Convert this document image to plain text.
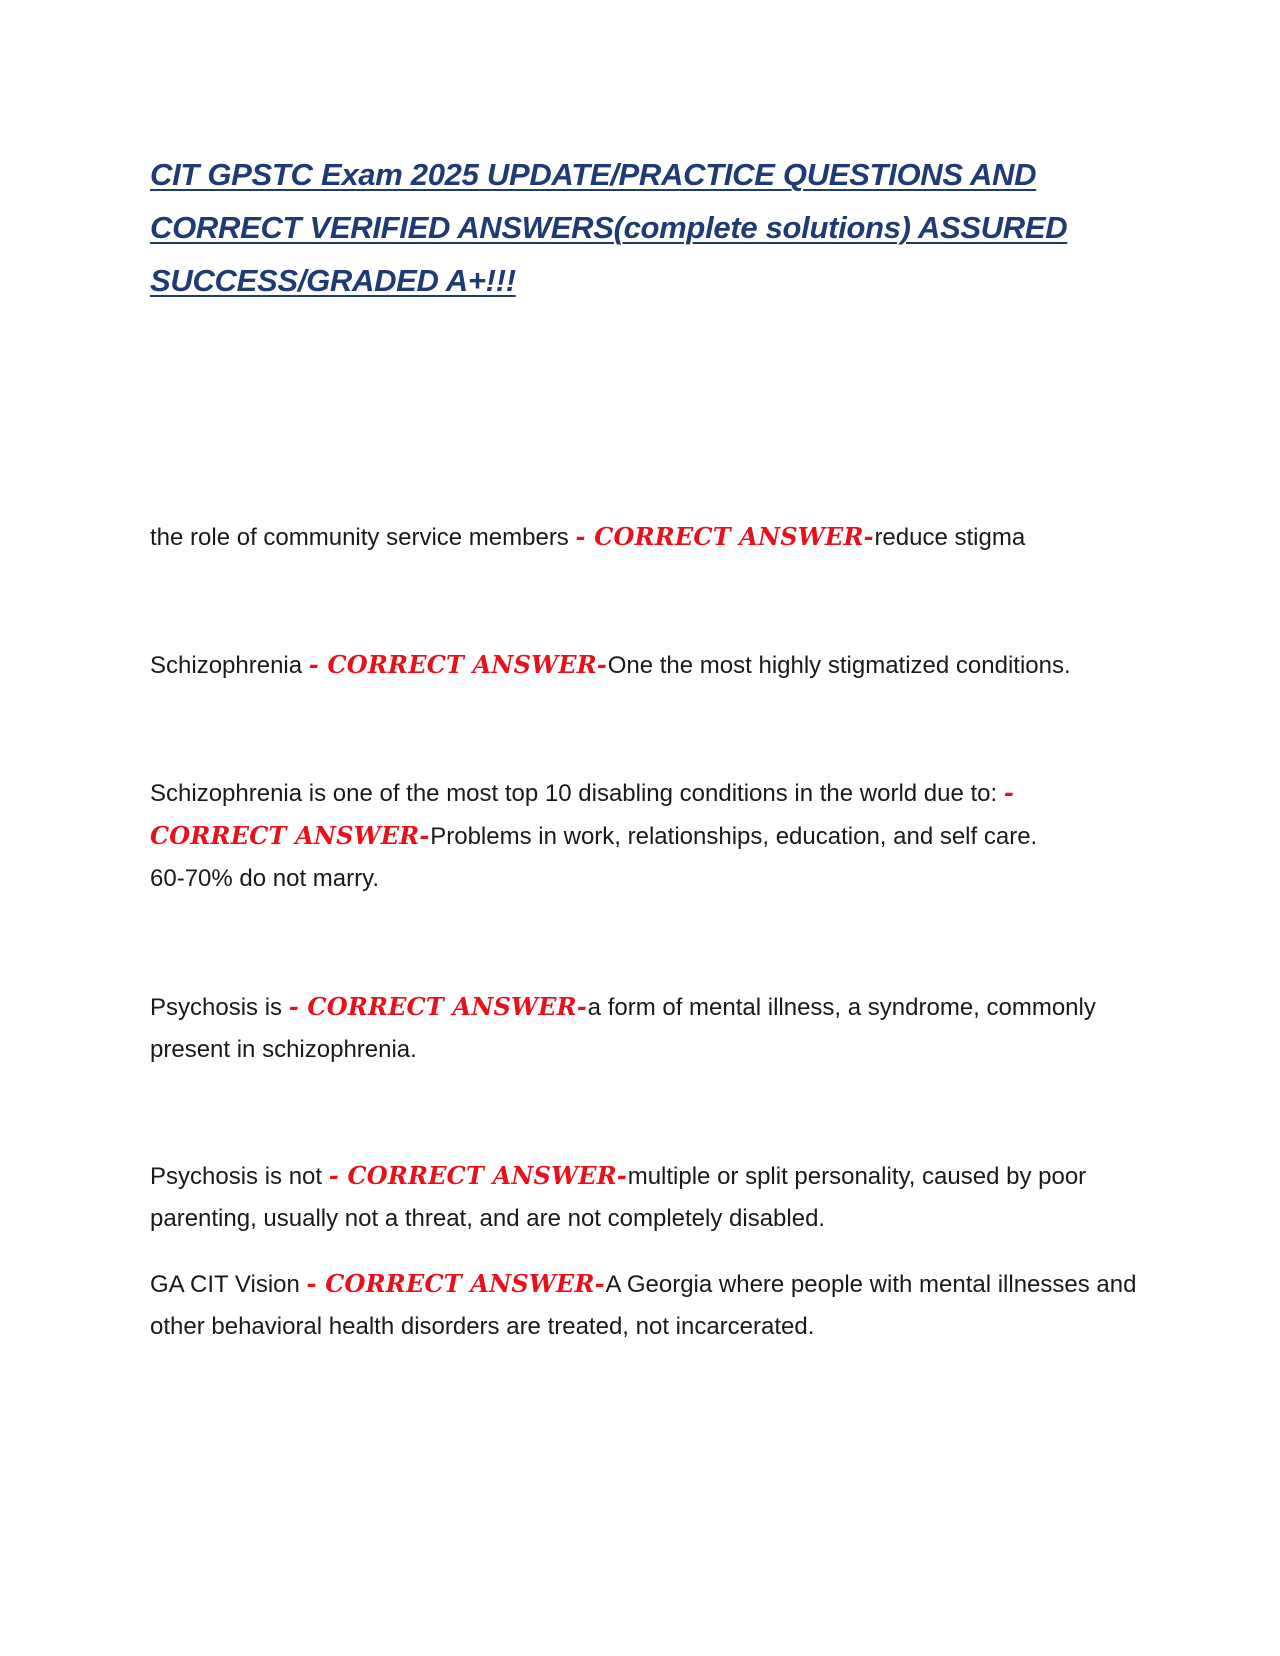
CIT GPSTC Exam 2025 UPDATE/PRACTICE QUESTIONS AND CORRECT VERIFIED ANSWERS(complete solutions) ASSURED SUCCESS/GRADED A+!!!

the role of community service members - CORRECT ANSWER- reduce stigma

Schizophrenia - CORRECT ANSWER- One the most highly stigmatized conditions.

Schizophrenia is one of the most top 10 disabling conditions in the world due to: - CORRECT ANSWER- Problems in work, relationships, education, and self care.
60-70% do not marry.

Psychosis is - CORRECT ANSWER- a form of mental illness, a syndrome, commonly present in schizophrenia.

Psychosis is not - CORRECT ANSWER- multiple or split personality, caused by poor parenting, usually not a threat, and are not completely disabled.

GA CIT Vision - CORRECT ANSWER- A Georgia where people with mental illnesses and other behavioral health disorders are treated, not incarcerated.
